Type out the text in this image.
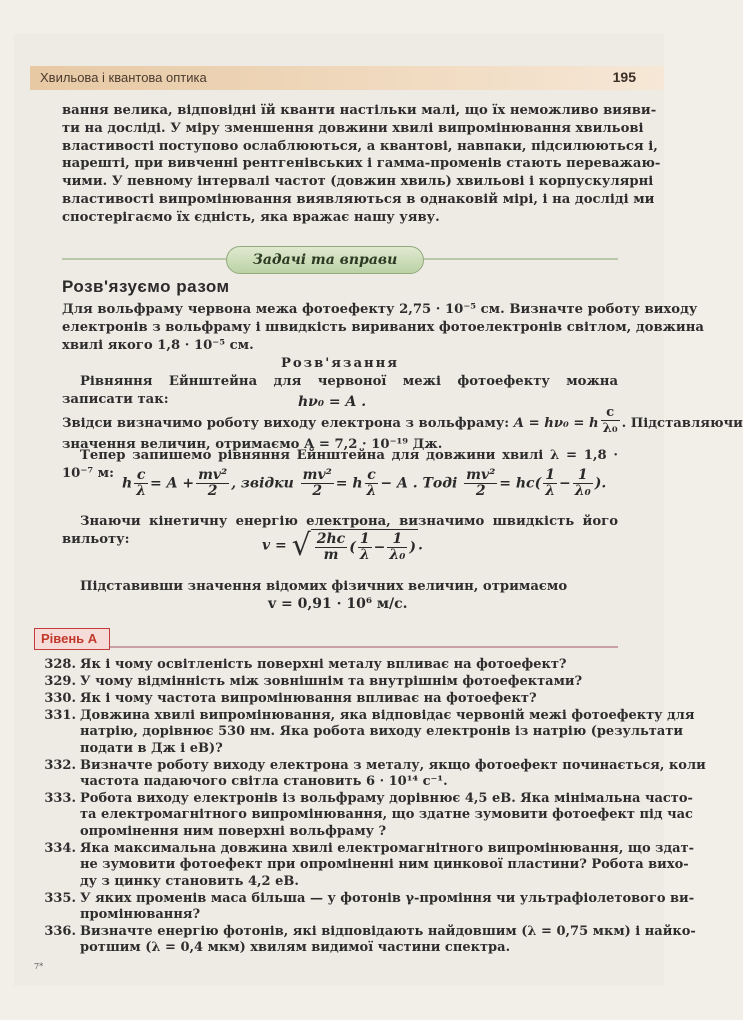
Хвильова і квантова оптика	195
вання велика, відповідні їй кванти настільки малі, що їх неможливо вияви-
ти на досліді. У міру зменшення довжини хвилі випромінювання хвильові
властивості поступово ослаблюються, а квантові, навпаки, підсилюються і,
нарешті, при вивченні рентгенівських і гамма-променів стають переважаю-
чими. У певному інтервалі частот (довжин хвиль) хвильові і корпускулярні
властивості випромінювання виявляються в однаковій мірі, і на досліді ми
спостерігаємо їх єдність, яка вражає нашу уяву.
Задачі та вправи
Розв'язуємо разом
Для вольфраму червона межа фотоефекту 2,75 · 10⁻⁵ см. Визначте роботу виходу
електронів з вольфраму і швидкість вириваних фотоелектронів світлом, довжина
хвилі якого 1,8 · 10⁻⁵ см.
Розв'язання
Рівняння Ейнштейна для червоної межі фотоефекту можна записати так:	hν₀ = A .
Звідси визначимо роботу виходу електрона з вольфраму: A = hν₀ = h $\frac{c}{\text{λ₀}}$ . Підставляючи
значення величин, отримаємо A = 7,2 · 10⁻¹⁹ Дж.
Тепер запишемо рівняння Ейнштейна для довжини хвилі λ = 1,8 · 10⁻⁷ м:
h $\frac{c}{\lambda} = A + \frac{\text{mv²}}{2}$ , звідки $\frac{\text{mv²}}{2} = h \frac{c}{\lambda} - A$ . Тоді $\frac{\text{mv²}}{2} = hc( \frac{1}{\lambda} - \frac{1}{\text{λ₀}}$ ).
Знаючи кінетичну енергію електрона, визначимо швидкість його вильоту:	v = √ $\frac{2hc}{m}$ ( $\frac{1}{\lambda} - \frac{1}{\text{λ₀}}$ ) .
Підставивши значення відомих фізичних величин, отримаємо
v = 0,91 · 10⁶ м/с.
Рівень А
328. Як і чому освітленість поверхні металу впливає на фотоефект?
329. У чому відмінність між зовнішнім та внутрішнім фотоефектами?
330. Як і чому частота випромінювання впливає на фотоефект?
331. Довжина хвилі випромінювання, яка відповідає червоній межі фотоефекту для
натрію, дорівнює 530 нм. Яка робота виходу електронів із натрію (результати
подати в Дж і еВ)?
332. Визначте роботу виходу електрона з металу, якщо фотоефект починається, коли
частота падаючого світла становить 6 · 10¹⁴ с⁻¹.
333. Робота виходу електронів із вольфраму дорівнює 4,5 еВ. Яка мінімальна часто-
та електромагнітного випромінювання, що здатне зумовити фотоефект під час
опромінення ним поверхні вольфраму ?
334. Яка максимальна довжина хвилі електромагнітного випромінювання, що здат-
не зумовити фотоефект при опроміненні ним цинкової пластини? Робота вихо-
ду з цинку становить 4,2 еВ.
335. У яких променів маса більша — у фотонів γ-проміння чи ультрафіолетового ви-
промінювання?
336. Визначте енергію фотонів, які відповідають найдовшим (λ = 0,75 мкм) і найко-
ротшим (λ = 0,4 мкм) хвилям видимої частини спектра.
7*
